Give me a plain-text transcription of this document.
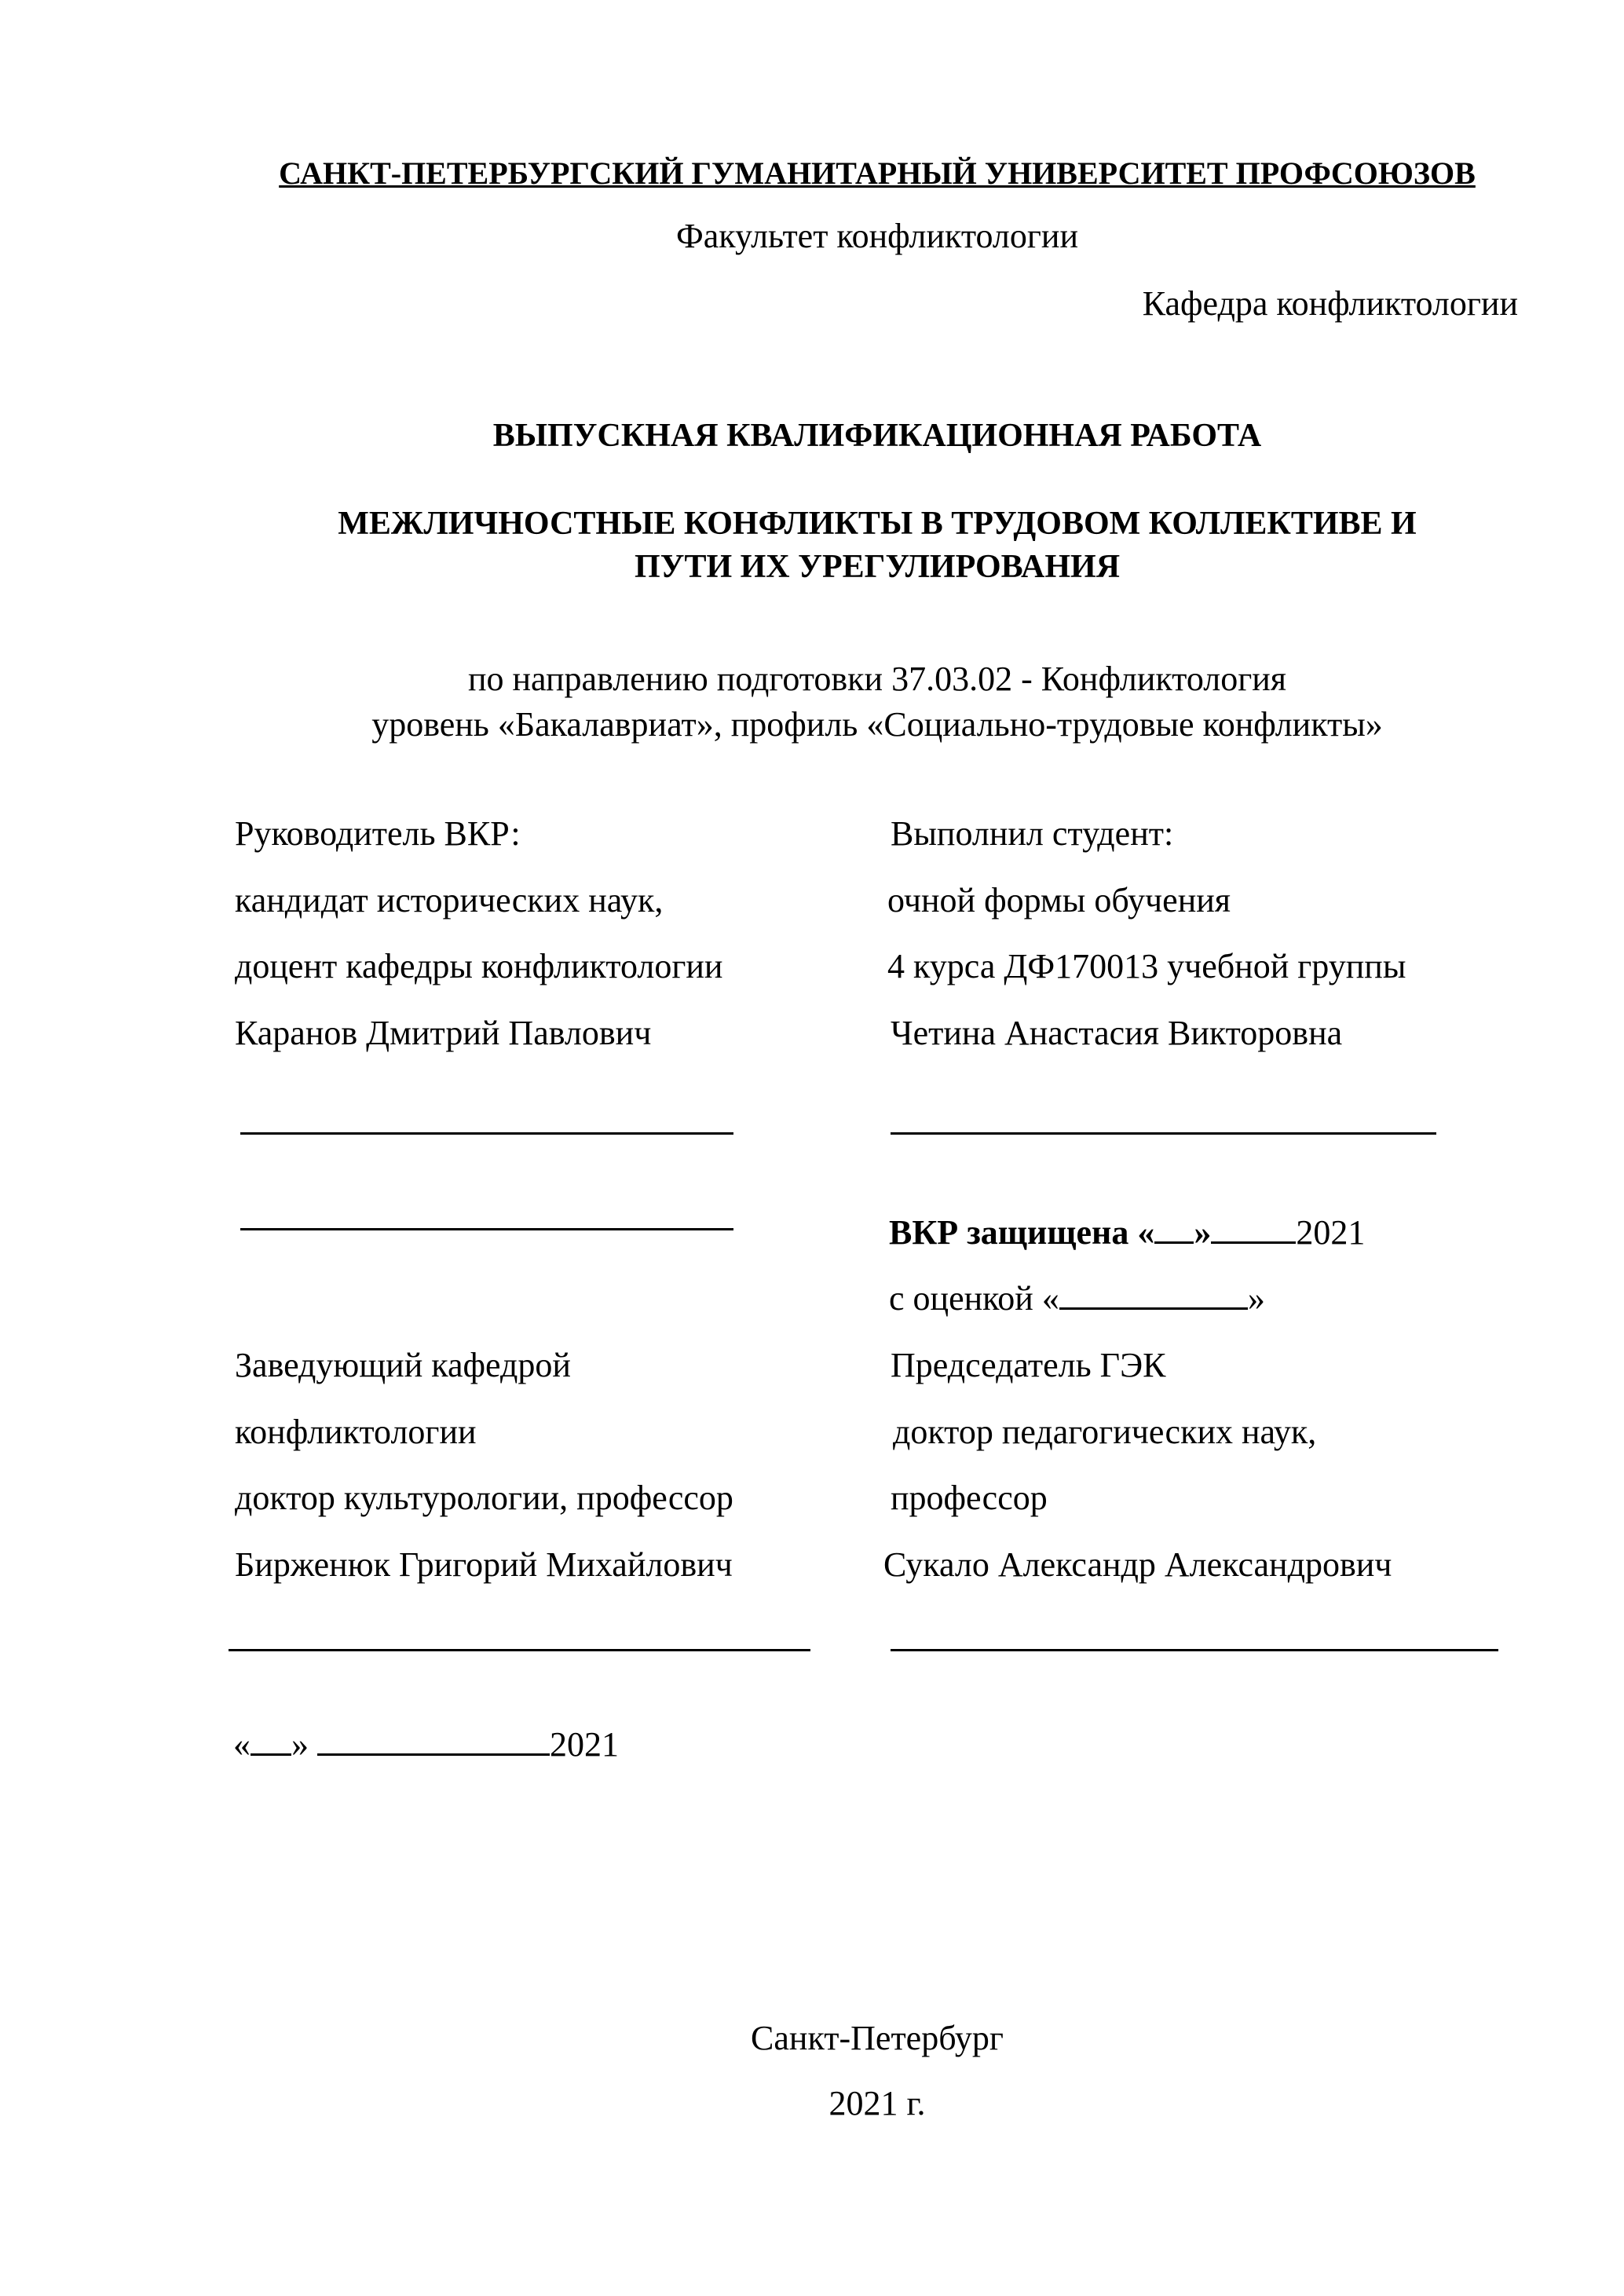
САНКТ-ПЕТЕРБУРГСКИЙ ГУМАНИТАРНЫЙ УНИВЕРСИТЕТ ПРОФСОЮЗОВ
Факультет конфликтологии
Кафедра конфликтологии
ВЫПУСКНАЯ КВАЛИФИКАЦИОННАЯ РАБОТА
МЕЖЛИЧНОСТНЫЕ КОНФЛИКТЫ В ТРУДОВОМ КОЛЛЕКТИВЕ И
ПУТИ ИХ УРЕГУЛИРОВАНИЯ
по направлению подготовки 37.03.02 - Конфликтология
уровень «Бакалавриат», профиль «Социально-трудовые конфликты»
Руководитель ВКР:
кандидат исторических наук,
доцент кафедры конфликтологии
Каранов Дмитрий Павлович
Выполнил студент:
очной формы обучения
4 курса ДФ170013 учебной группы
Четина Анастасия Викторовна
ВКР защищена « » 2021
с оценкой «	»
Заведующий кафедрой
конфликтологии
доктор культурологии, профессор
Бирженюк Григорий Михайлович
Председатель ГЭК
доктор педагогических наук,
профессор
Сукало Александр Александрович
« »	2021
Санкт-Петербург
2021 г.
